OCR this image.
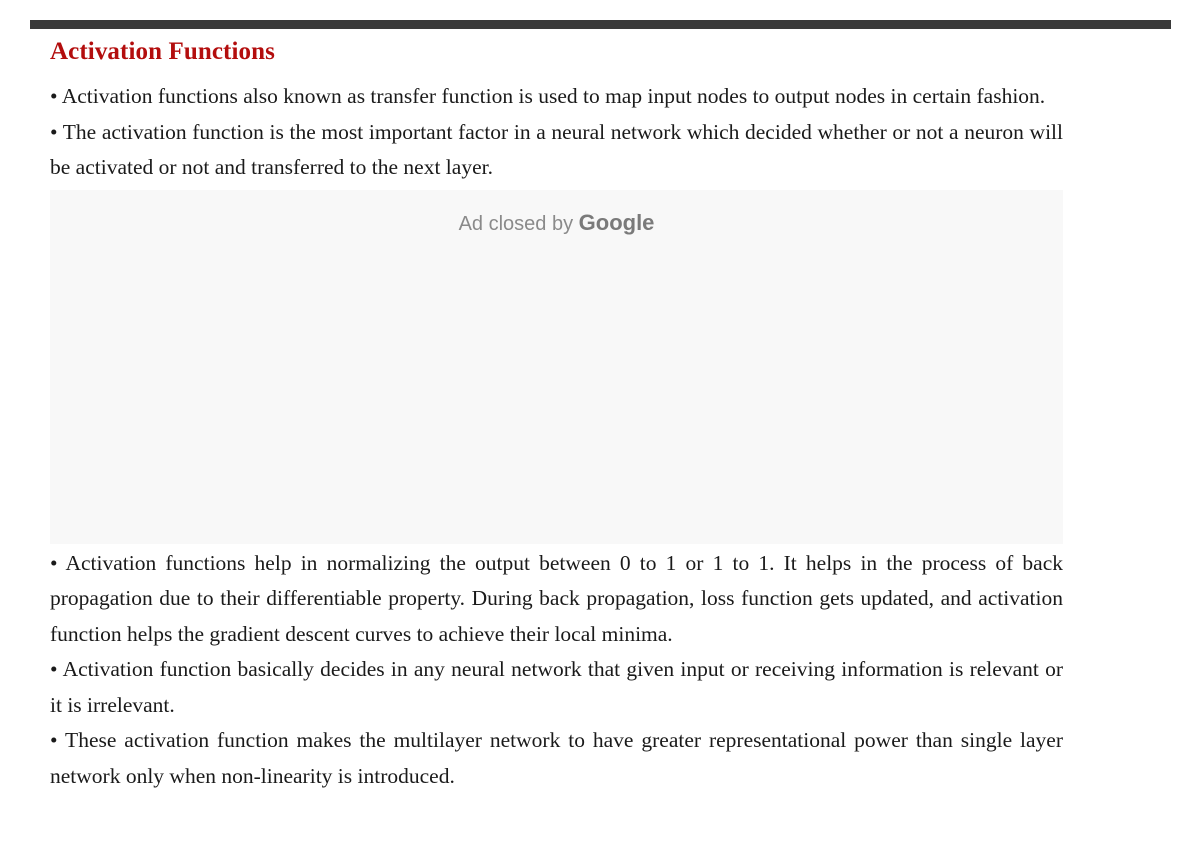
Activation Functions

• Activation functions also known as transfer function is used to map input nodes to output nodes in certain fashion.

• The activation function is the most important factor in a neural network which decided whether or not a neuron will be activated or not and transferred to the next layer.

Ad closed by Google

• Activation functions help in normalizing the output between 0 to 1 or 1 to 1. It helps in the process of back propagation due to their differentiable property. During back propagation, loss function gets updated, and activation function helps the gradient descent curves to achieve their local minima.

• Activation function basically decides in any neural network that given input or receiving information is relevant or it is irrelevant.

• These activation function makes the multilayer network to have greater representational power than single layer network only when non-linearity is introduced.
